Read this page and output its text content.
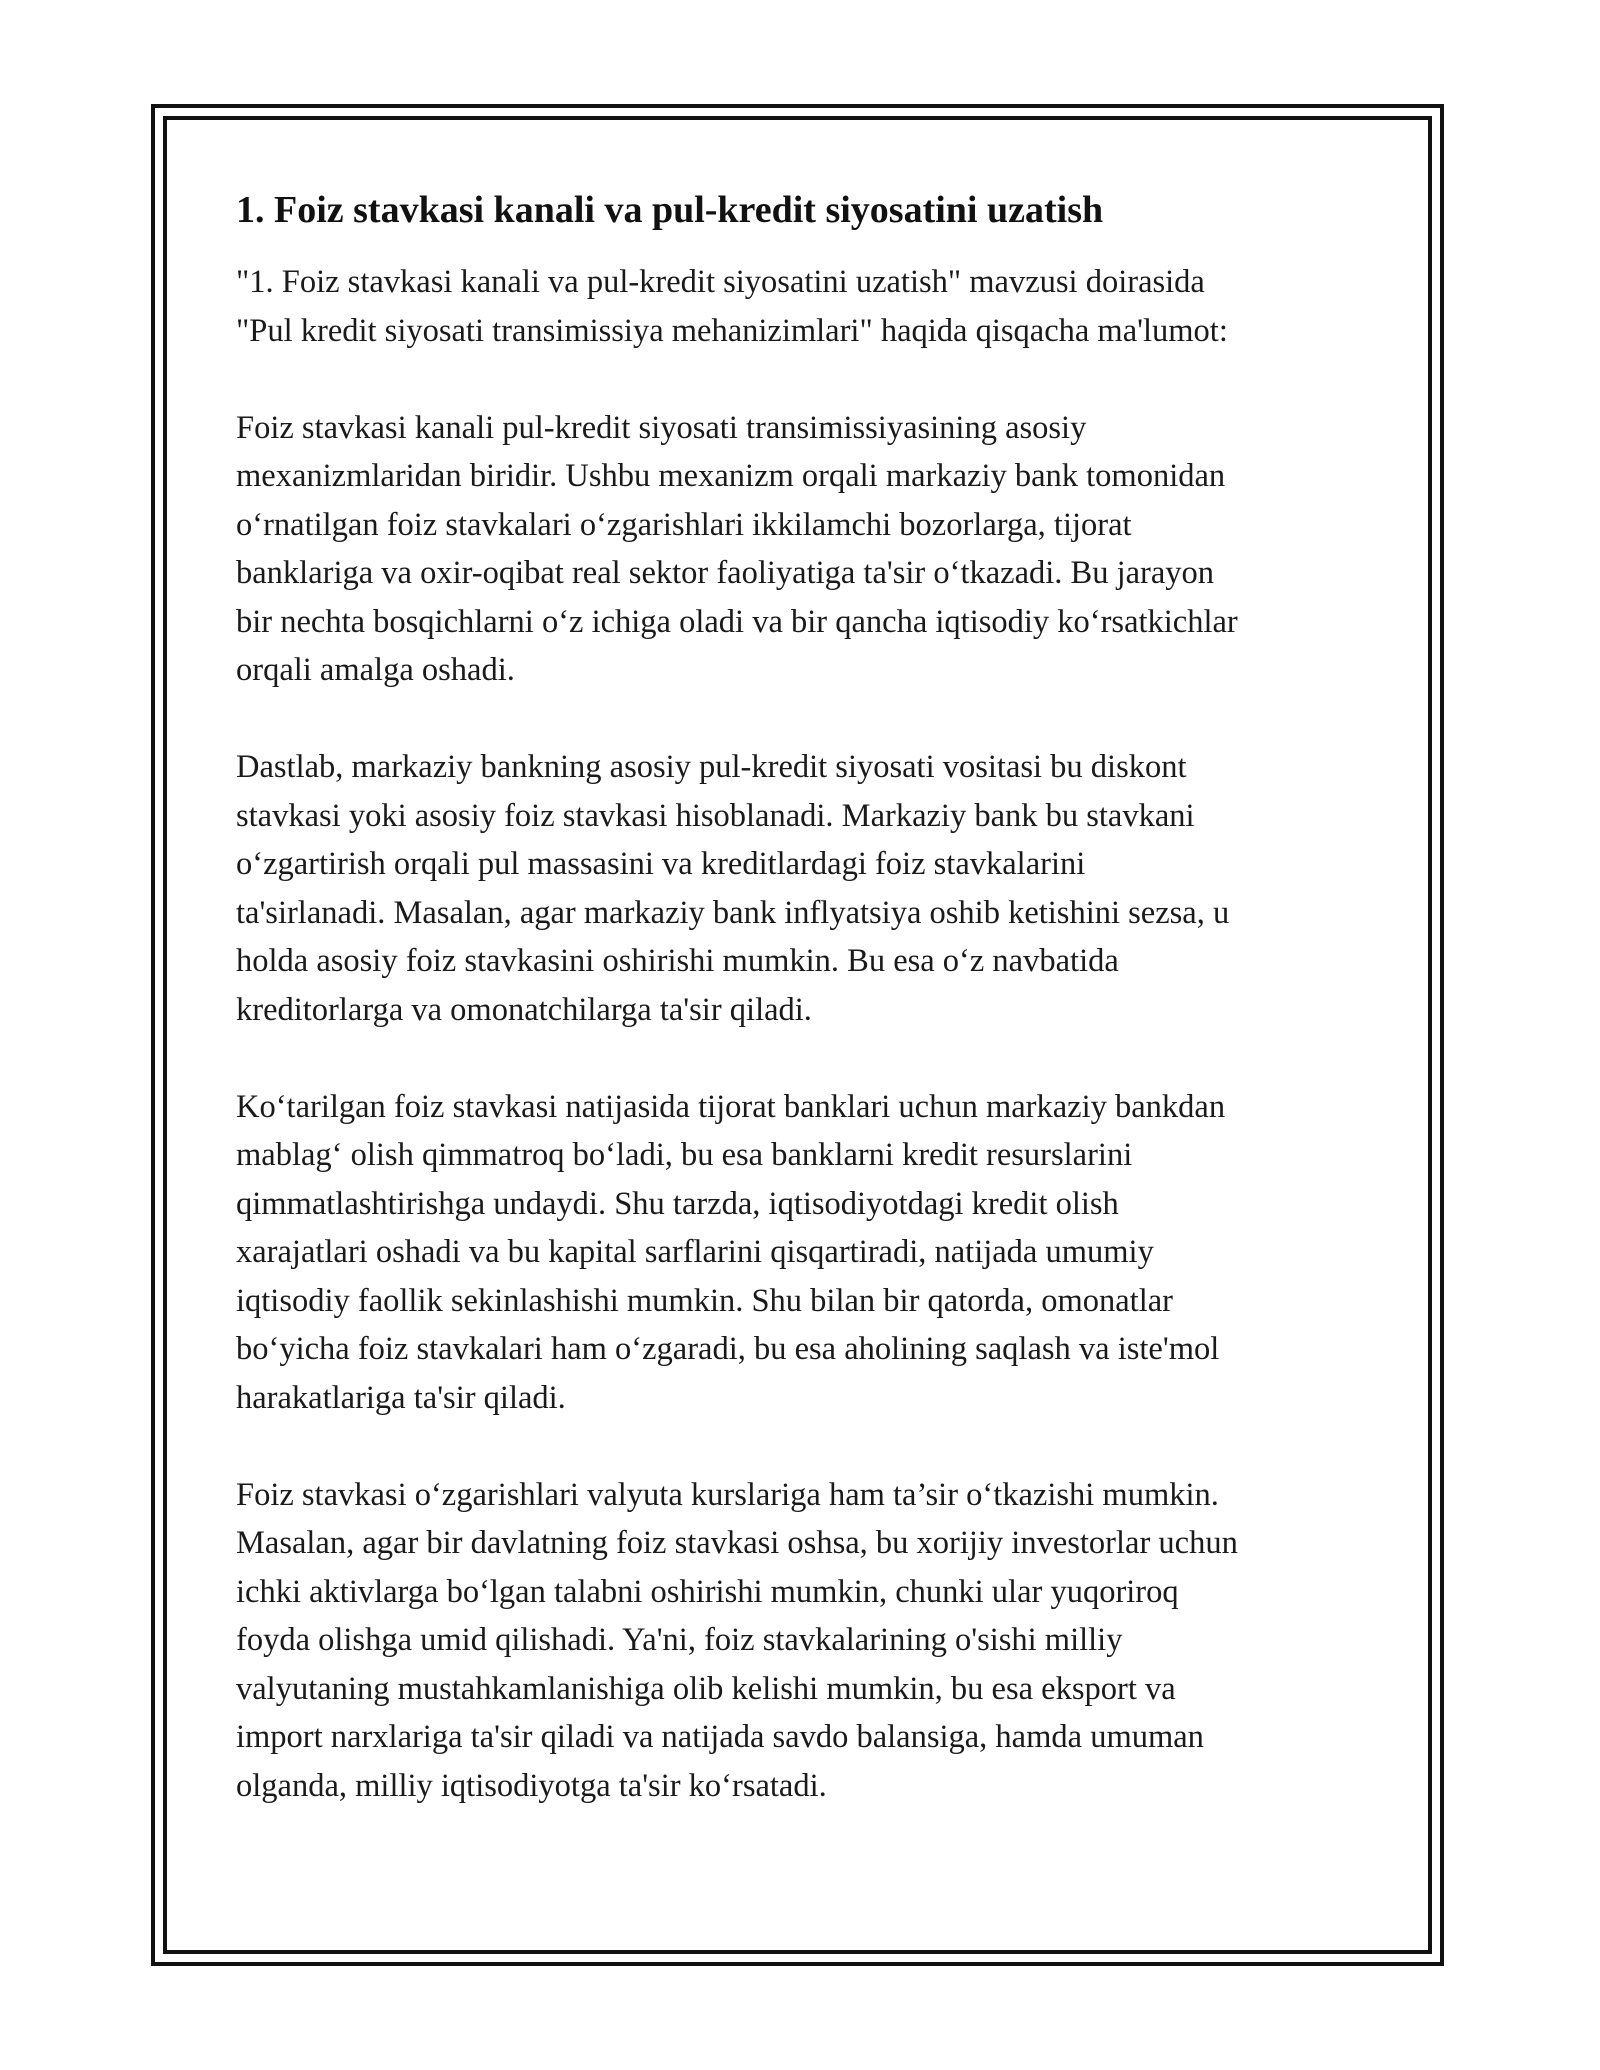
1. Foiz stavkasi kanali va pul-kredit siyosatini uzatish

"1. Foiz stavkasi kanali va pul-kredit siyosatini uzatish" mavzusi doirasida
"Pul kredit siyosati transimissiya mehanizimlari" haqida qisqacha ma'lumot:

Foiz stavkasi kanali pul-kredit siyosati transimissiyasining asosiy
mexanizmlaridan biridir. Ushbu mexanizm orqali markaziy bank tomonidan
o‘rnatilgan foiz stavkalari o‘zgarishlari ikkilamchi bozorlarga, tijorat
banklariga va oxir-oqibat real sektor faoliyatiga ta'sir o‘tkazadi. Bu jarayon
bir nechta bosqichlarni o‘z ichiga oladi va bir qancha iqtisodiy ko‘rsatkichlar
orqali amalga oshadi.

Dastlab, markaziy bankning asosiy pul-kredit siyosati vositasi bu diskont
stavkasi yoki asosiy foiz stavkasi hisoblanadi. Markaziy bank bu stavkani
o‘zgartirish orqali pul massasini va kreditlardagi foiz stavkalarini
ta'sirlanadi. Masalan, agar markaziy bank inflyatsiya oshib ketishini sezsa, u
holda asosiy foiz stavkasini oshirishi mumkin. Bu esa o‘z navbatida
kreditorlarga va omonatchilarga ta'sir qiladi.

Ko‘tarilgan foiz stavkasi natijasida tijorat banklari uchun markaziy bankdan
mablag‘ olish qimmatroq bo‘ladi, bu esa banklarni kredit resurslarini
qimmatlashtirishga undaydi. Shu tarzda, iqtisodiyotdagi kredit olish
xarajatlari oshadi va bu kapital sarflarini qisqartiradi, natijada umumiy
iqtisodiy faollik sekinlashishi mumkin. Shu bilan bir qatorda, omonatlar
bo‘yicha foiz stavkalari ham o‘zgaradi, bu esa aholining saqlash va iste'mol
harakatlariga ta'sir qiladi.

Foiz stavkasi o‘zgarishlari valyuta kurslariga ham ta’sir o‘tkazishi mumkin.
Masalan, agar bir davlatning foiz stavkasi oshsa, bu xorijiy investorlar uchun
ichki aktivlarga bo‘lgan talabni oshirishi mumkin, chunki ular yuqoriroq
foyda olishga umid qilishadi. Ya'ni, foiz stavkalarining o'sishi milliy
valyutaning mustahkamlanishiga olib kelishi mumkin, bu esa eksport va
import narxlariga ta'sir qiladi va natijada savdo balansiga, hamda umuman
olganda, milliy iqtisodiyotga ta'sir ko‘rsatadi.
